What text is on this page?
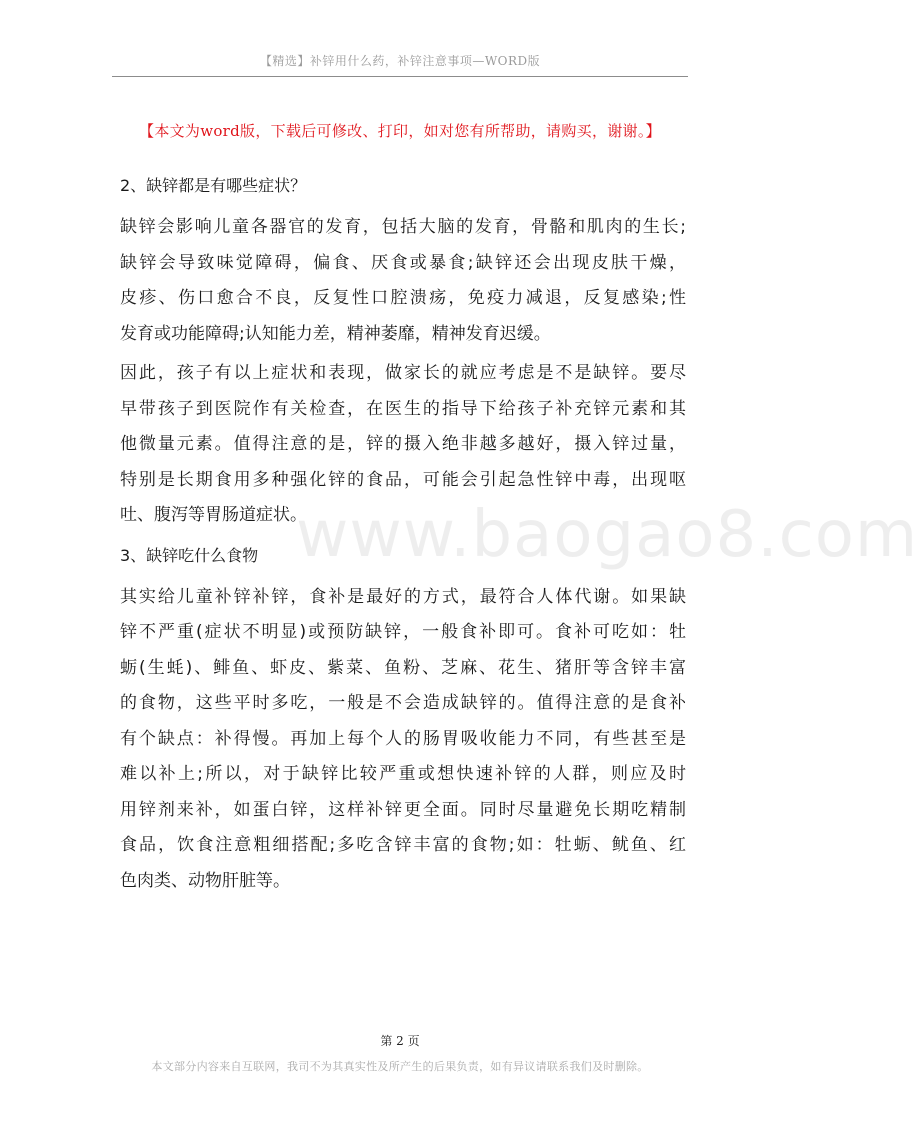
【精选】补锌用什么药，补锌注意事项—WORD版
【本文为word版，下载后可修改、打印，如对您有所帮助，请购买，谢谢。】
2、缺锌都是有哪些症状？
缺锌会影响儿童各器官的发育，包括大脑的发育，骨骼和肌肉的生长;
缺锌会导致味觉障碍，偏食、厌食或暴食;缺锌还会出现皮肤干燥，
皮疹、伤口愈合不良，反复性口腔溃疡，免疫力减退，反复感染;性
发育或功能障碍;认知能力差，精神萎靡，精神发育迟缓。
因此，孩子有以上症状和表现，做家长的就应考虑是不是缺锌。要尽
早带孩子到医院作有关检查，在医生的指导下给孩子补充锌元素和其
他微量元素。值得注意的是，锌的摄入绝非越多越好，摄入锌过量，
特别是长期食用多种强化锌的食品，可能会引起急性锌中毒，出现呕
吐、腹泻等胃肠道症状。
3、缺锌吃什么食物
其实给儿童补锌补锌，食补是最好的方式，最符合人体代谢。如果缺
锌不严重(症状不明显)或预防缺锌，一般食补即可。食补可吃如：牡
蛎(生蚝)、鲱鱼、虾皮、紫菜、鱼粉、芝麻、花生、猪肝等含锌丰富
的食物，这些平时多吃，一般是不会造成缺锌的。值得注意的是食补
有个缺点：补得慢。再加上每个人的肠胃吸收能力不同，有些甚至是
难以补上;所以，对于缺锌比较严重或想快速补锌的人群，则应及时
用锌剂来补，如蛋白锌，这样补锌更全面。同时尽量避免长期吃精制
食品，饮食注意粗细搭配;多吃含锌丰富的食物;如：牡蛎、鱿鱼、红
色肉类、动物肝脏等。
www.baogao8.com
第 2 页
本文部分内容来自互联网，我司不为其真实性及所产生的后果负责，如有异议请联系我们及时删除。
